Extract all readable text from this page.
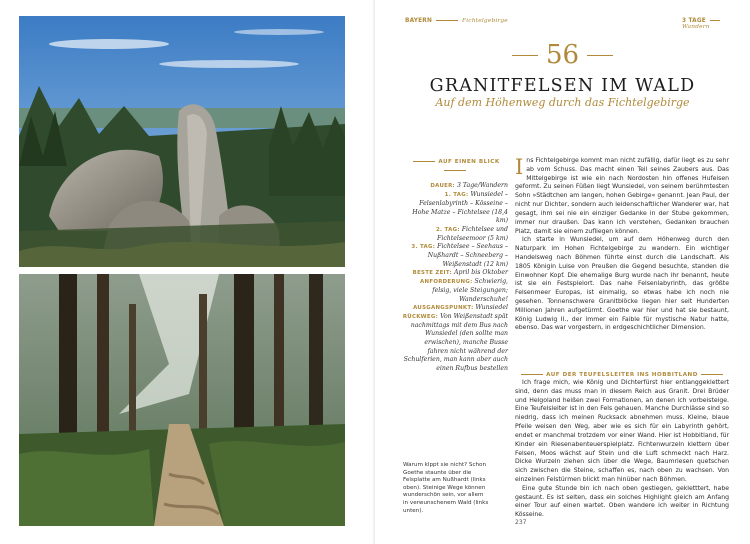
BAYERN	Fichtelgebirge	3 TAGEWandern
56
GRANITFELSEN IM WALD
Auf dem Höhenweg durch das Fichtelgebirge
AUF EINEN BLICK
DAUER: 3 Tage/Wandern
1. TAG: Wunsiedel – Felsenlabyrinth – Kösseine – Hohe Matze – Fichtelsee (18,4 km)
2. TAG: Fichtelsee und Fichtelseemoor (5 km)
3. TAG: Fichtelsee – Seehaus – Nußhardt – Schneeberg – Weißenstadt (12 km)
BESTE ZEIT: April bis Oktober
ANFORDERUNG: Schwierig, felsig, viele Steigungen; Wanderschuhe!
AUSGANGSPUNKT: Wunsiedel
RÜCKWEG: Von Weißenstadt spät nachmittags mit dem Bus nach Wunsiedel (den sollte man erwischen), manche Busse fahren nicht während der Schulferien, man kann aber auch einen Rufbus bestellen

Ins Fichtelgebirge kommt man nicht zufällig, dafür liegt es zu sehr ab vom Schuss. Das macht einen Teil seines Zaubers aus. Das Mittelgebirge ist wie ein nach Nordosten hin offenes Hufeisen geformt. Zu seinen Füßen liegt Wunsiedel, von seinem berühmtesten Sohn »Städtchen am langen, hohen Gebirge« genannt. Jean Paul, der nicht nur Dichter, sondern auch leidenschaftlicher Wanderer war, hat gesagt, ihm sei nie ein einziger Gedanke in der Stube gekommen, immer nur draußen. Das kann ich verstehen, Gedanken brauchen Platz, damit sie einem zufliegen können.

Ich starte in Wunsiedel, um auf dem Höhenweg durch den Naturpark im Hohen Fichtelgebirge zu wandern. Ein wichtiger Handelsweg nach Böhmen führte einst durch die Landschaft. Als 1805 Königin Luise von Preußen die Gegend besuchte, standen die Einwohner Kopf. Die ehemalige Burg wurde nach ihr benannt, heute ist sie ein Festspielort. Das nahe Felsenlabyrinth, das größte Felsenmeer Europas, ist einmalig, so etwas habe ich noch nie gesehen. Tonnenschwere Granitblöcke liegen hier seit Hunderten Millionen Jahren aufgetürmt. Goethe war hier und hat sie bestaunt, König Ludwig II., der immer ein Faible für mystische Natur hatte, ebenso. Das war vorgestern, in erdgeschichtlicher Dimension.

AUF DER TEUFELSLEITER INS HOBBITLAND

Ich frage mich, wie König und Dichterfürst hier entlanggeklettert sind, denn das muss man in diesem Reich aus Granit. Drei Brüder und Helgoland heißen zwei Formationen, an denen ich vorbeisteige. Eine Teufelsleiter ist in den Fels gehauen. Manche Durchlässe sind so niedrig, dass ich meinen Rucksack abnehmen muss. Kleine, blaue Pfeile weisen den Weg, aber wie es sich für ein Labyrinth gehört, endet er manchmal trotzdem vor einer Wand. Hier ist Hobbitland, für Kinder ein Riesenabenteuerspielplatz. Fichtenwurzeln klettern über Felsen, Moos wächst auf Stein und die Luft schmeckt nach Harz. Dicke Wurzeln ziehen sich über die Wege, Baumriesen quetschen sich zwischen die Steine, schaffen es, nach oben zu wachsen. Von einzelnen Felstürmen blickt man hinüber nach Böhmen.

Eine gute Stunde bin ich nach oben gestiegen, gekletttert, habe gestaunt. Es ist selten, dass ein solches Highlight gleich am Anfang einer Tour auf einen wartet. Oben wandere ich weiter in Richtung Kösseine.

Warum klppt sie nicht? Schon Goethe staunte über die Felsplatte am Nußhardt (links oben). Steinige Wege können wunderschön sein, vor allem in verwunschenem Wald (links unten).
237
